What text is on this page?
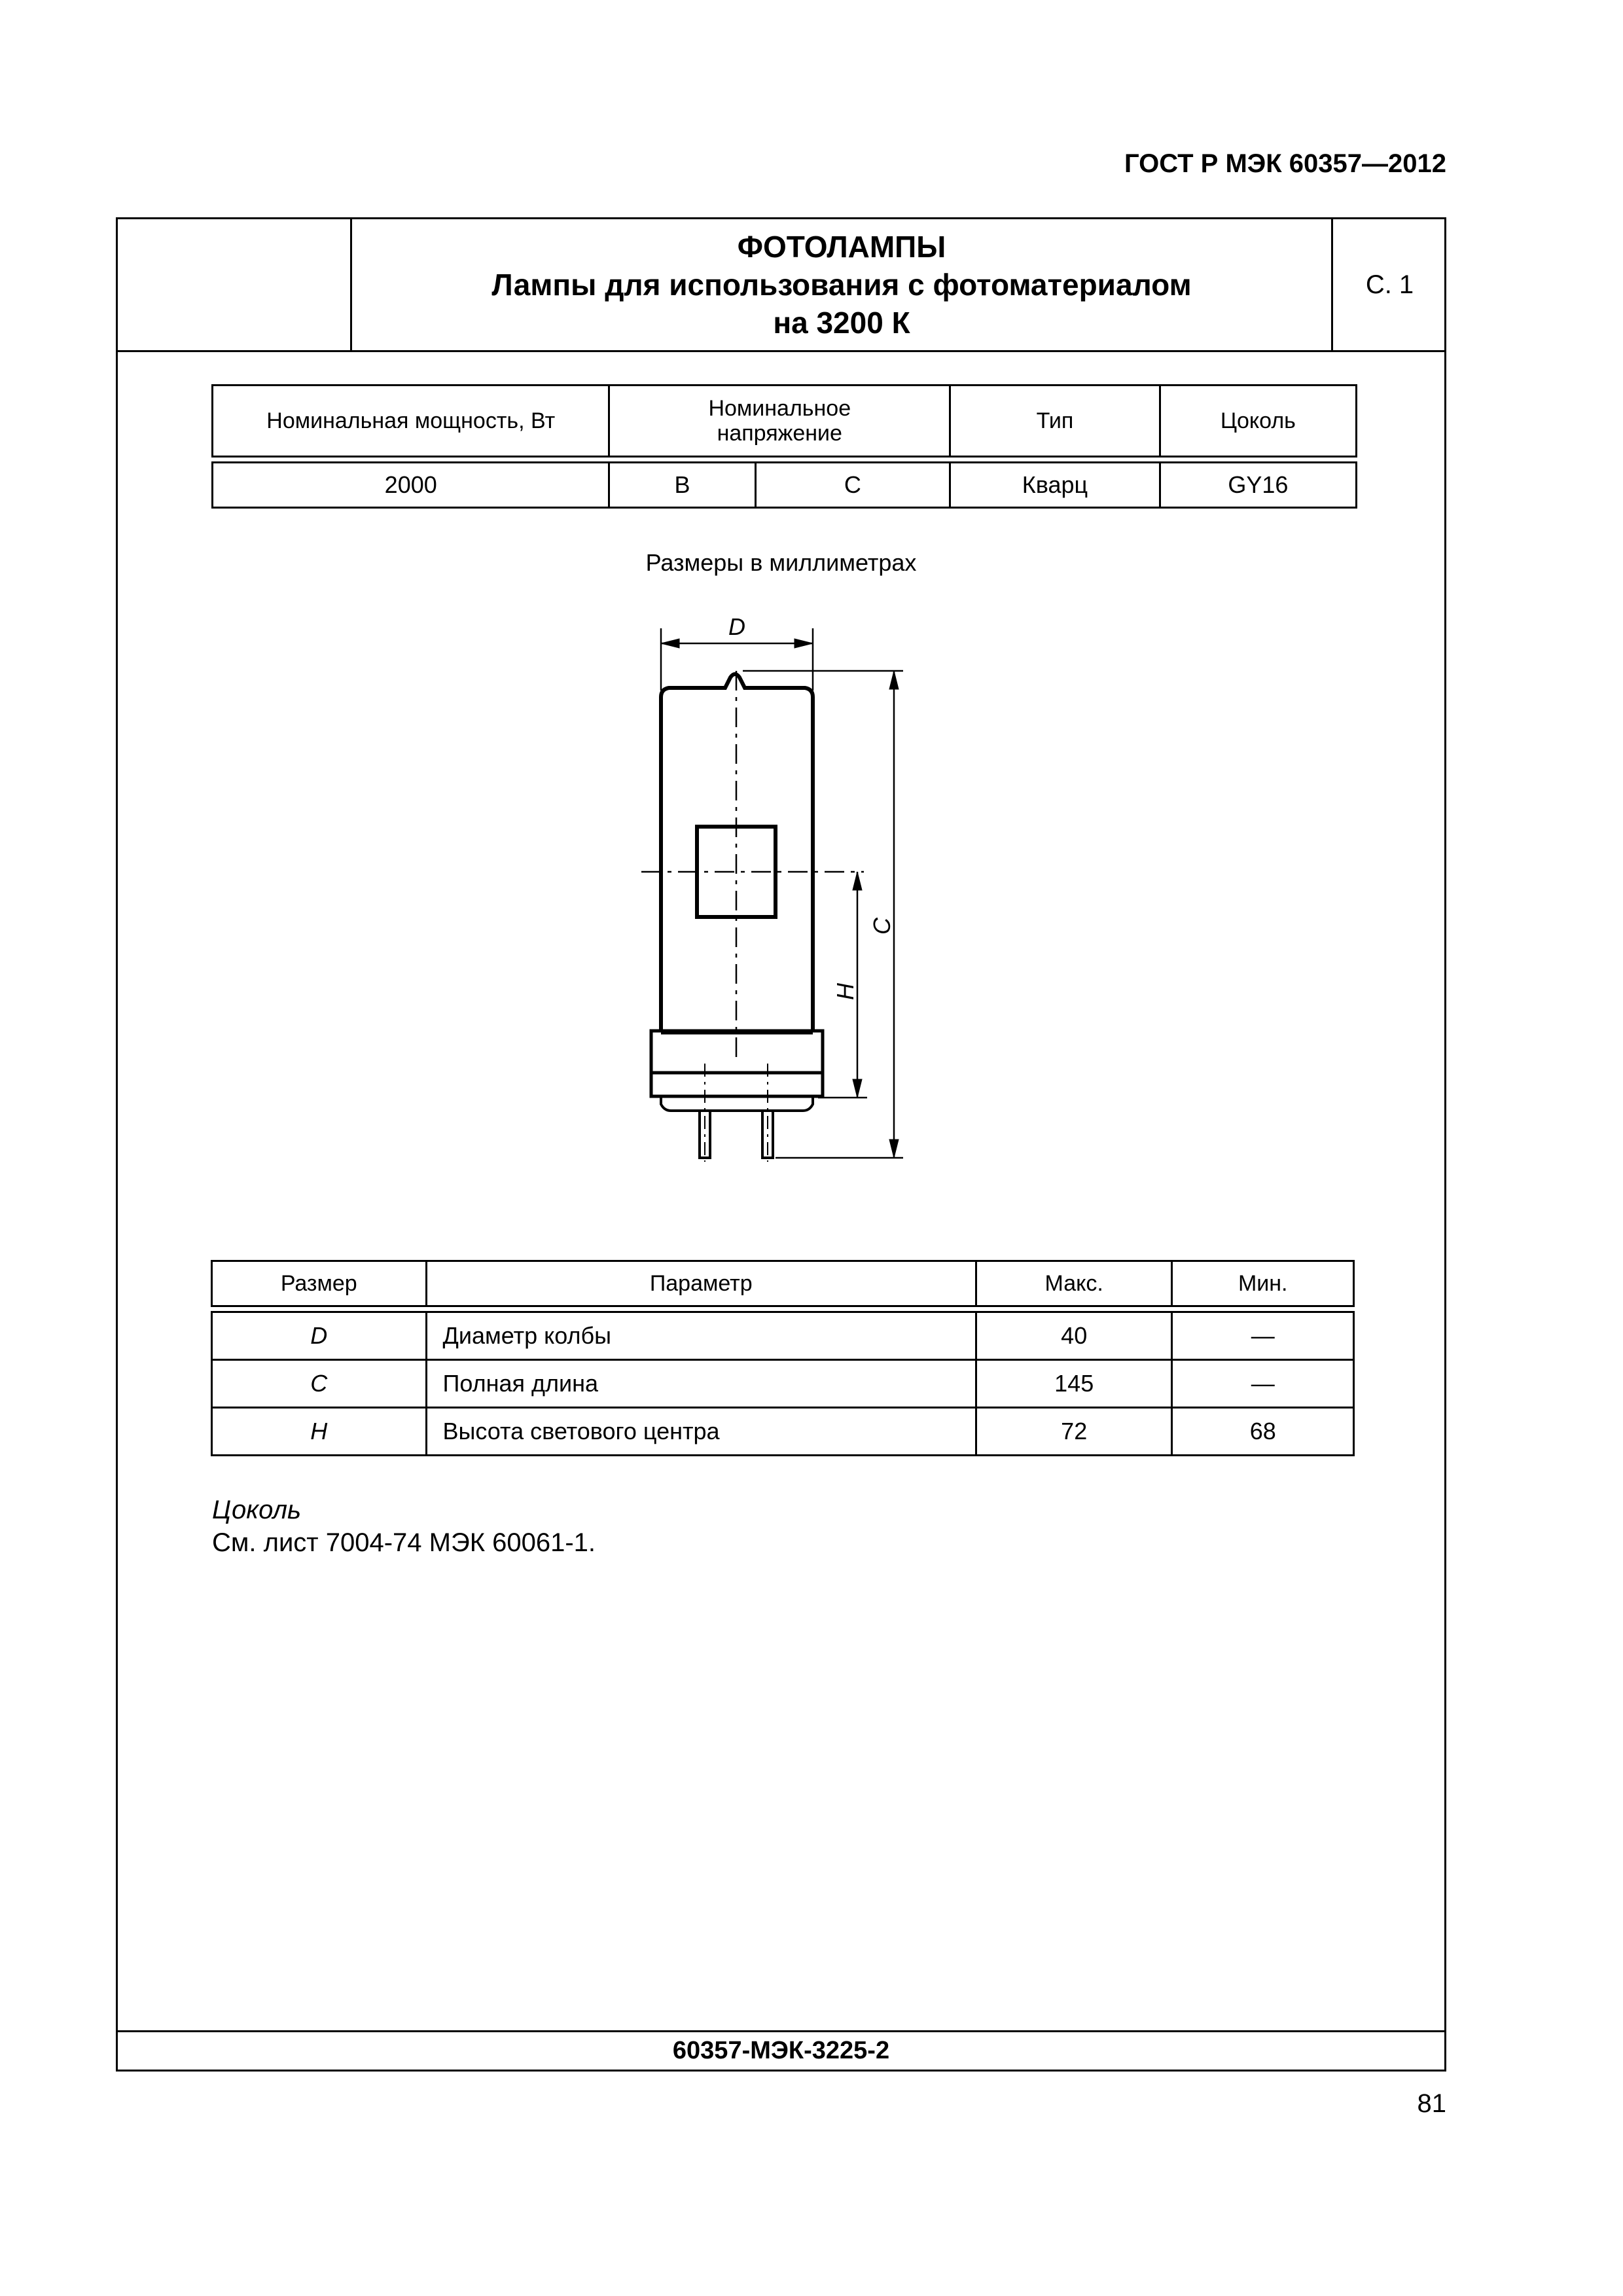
ГОСТ Р МЭК 60357—2012
ФОТОЛАМПЫ
Лампы для использования с фотоматериалом
на 3200 К
С. 1
Номинальная мощность, Вт	Номинальное напряжение		Тип	Цоколь

2000	B	C	Кварц	GY16
Размеры в миллиметрах
D
C
H
Размер	Параметр	Макс.	Мин.

D	Диаметр колбы	40	—
C	Полная длина	145	—
H	Высота светового центра	72	68
Цоколь
См. лист 7004-74 МЭК 60061-1.
60357-МЭК-3225-2
81
